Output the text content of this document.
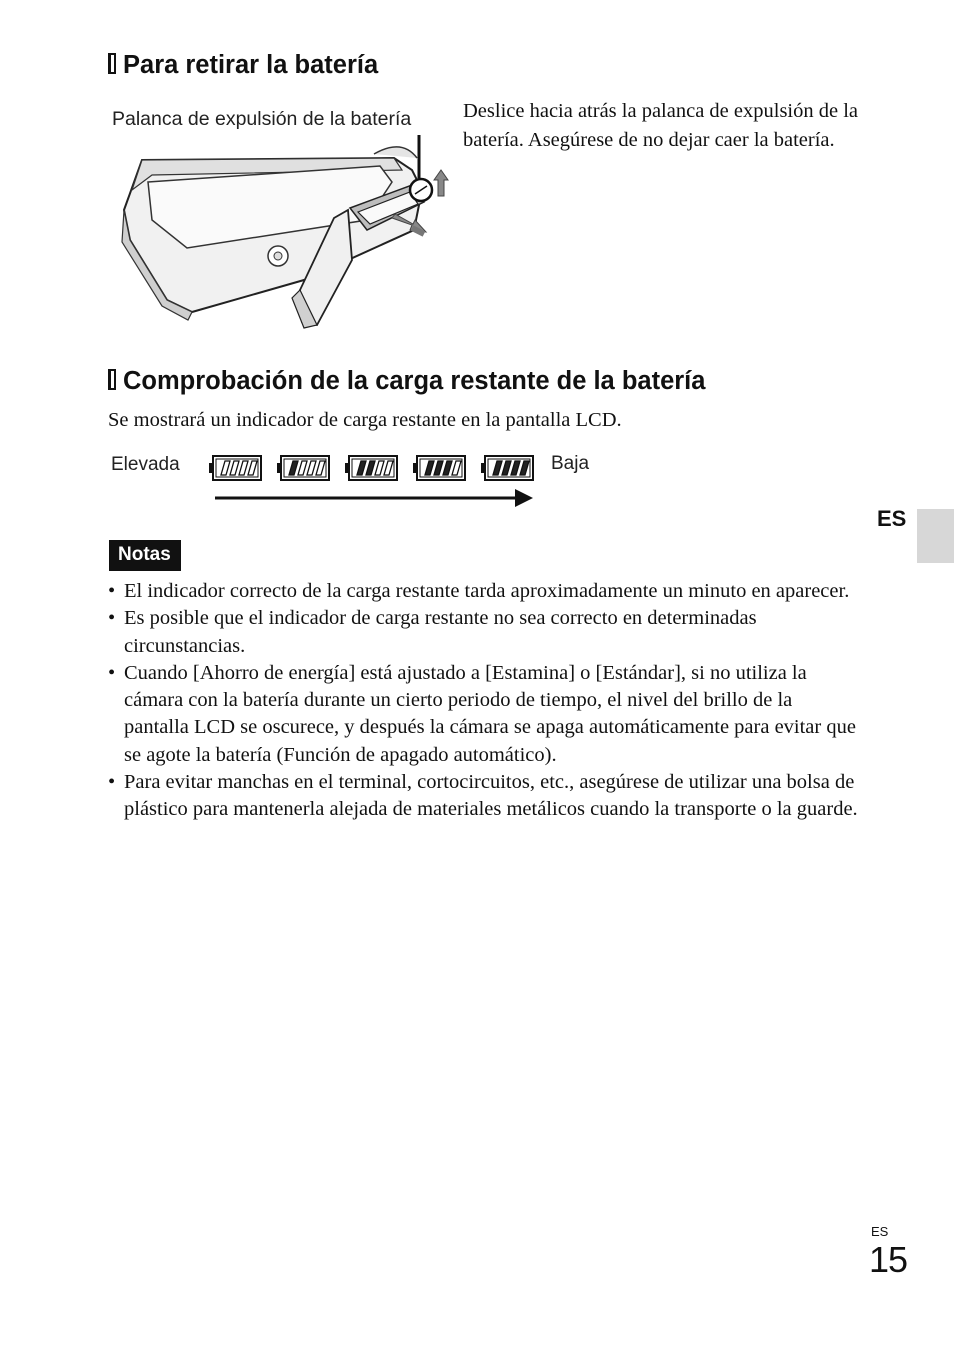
Para retirar la batería
Palanca de expulsión de la batería	Deslice hacia atrás la palanca de expulsión de la batería. Asegúrese de no dejar caer la batería.
Comprobación de la carga restante de la batería
Se mostrará un indicador de carga restante en la pantalla LCD.
Elevada	Baja
Notas
• El indicador correcto de la carga restante tarda aproximadamente un minuto en aparecer.
• Es posible que el indicador de carga restante no sea correcto en determinadas circunstancias.
• Cuando [Ahorro de energía] está ajustado a [Estamina] o [Estándar], si no utiliza la cámara con la batería durante un cierto periodo de tiempo, el nivel del brillo de la pantalla LCD se oscurece, y después la cámara se apaga automáticamente para evitar que se agote la batería (Función de apagado automático).
• Para evitar manchas en el terminal, cortocircuitos, etc., asegúrese de utilizar una bolsa de plástico para mantenerla alejada de materiales metálicos cuando la transporte o la guarde.
ES
ES
15
